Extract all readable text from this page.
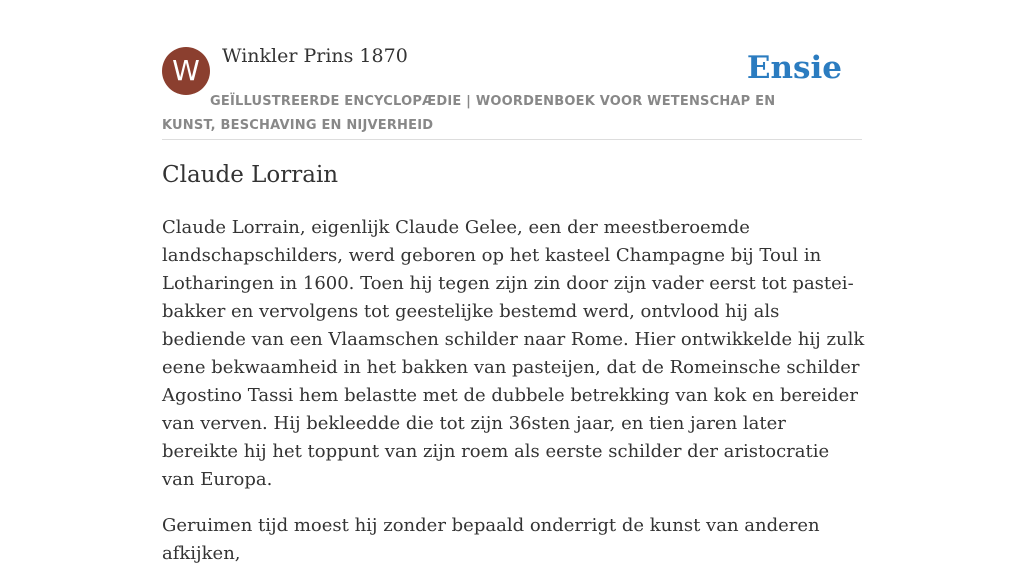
W	Winkler Prins 1870	Ensie
GEÏLLUSTREERDE ENCYCLOPÆDIE | WOORDENBOEK VOOR WETENSCHAP EN KUNST, BESCHAVING EN NIJVERHEID
Claude Lorrain

Claude Lorrain, eigenlijk Claude Gelee, een der meestberoemde landschapschilders, werd geboren op het kasteel Champagne bij Toul in Lotharingen in 1600. Toen hij tegen zijn zin door zijn vader eerst tot pastei-bakker en vervolgens tot geestelijke bestemd werd, ontvlood hij als bediende van een Vlaamschen schilder naar Rome. Hier ontwikkelde hij zulk eene bekwaamheid in het bakken van pasteijen, dat de Romeinsche schilder Agostino Tassi hem belastte met de dubbele betrekking van kok en bereider van verven. Hij bekleedde die tot zijn 36sten jaar, en tien jaren later bereikte hij het toppunt van zijn roem als eerste schilder der aristocratie van Europa.

Geruimen tijd moest hij zonder bepaald onderrigt de kunst van anderen afkijken,
